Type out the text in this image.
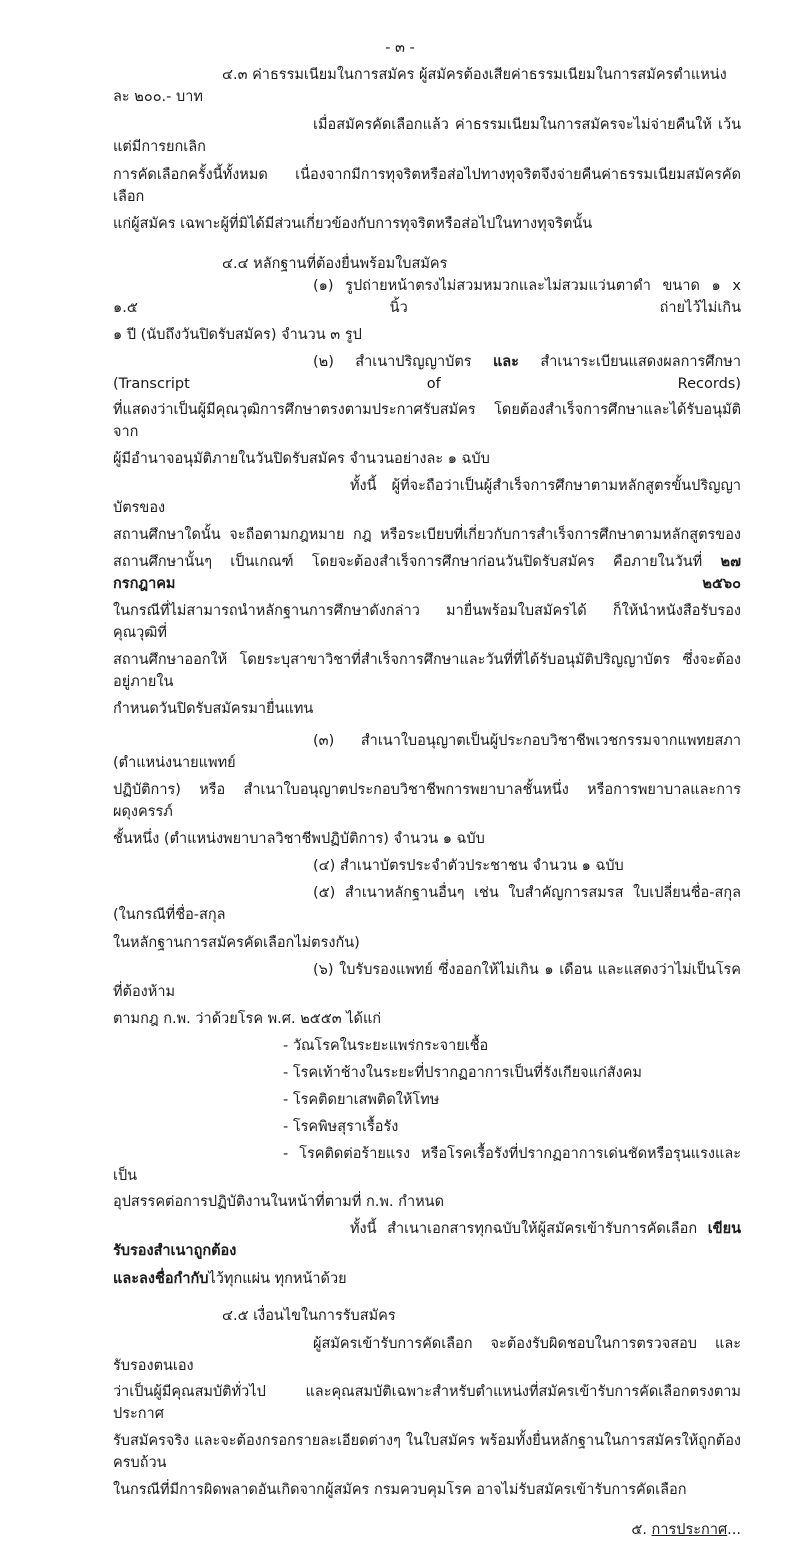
- ๓ -
๔.๓ ค่าธรรมเนียมในการสมัคร ผู้สมัครต้องเสียค่าธรรมเนียมในการสมัครตำแหน่งละ ๒๐๐.- บาท
เมื่อสมัครคัดเลือกแล้ว ค่าธรรมเนียมในการสมัครจะไม่จ่ายคืนให้ เว้นแต่มีการยกเลิก
การคัดเลือกครั้งนี้ทั้งหมด เนื่องจากมีการทุจริตหรือส่อไปทางทุจริตจึงจ่ายคืนค่าธรรมเนียมสมัครคัดเลือก
แก่ผู้สมัคร เฉพาะผู้ที่มิได้มีส่วนเกี่ยวข้องกับการทุจริตหรือส่อไปในทางทุจริตนั้น
๔.๔ หลักฐานที่ต้องยื่นพร้อมใบสมัคร
(๑) รูปถ่ายหน้าตรงไม่สวมหมวกและไม่สวมแว่นตาดำ ขนาด ๑ x ๑.๕ นิ้ว ถ่ายไว้ไม่เกิน
๑ ปี (นับถึงวันปิดรับสมัคร) จำนวน ๓ รูป
(๒) สำเนาปริญญาบัตร และ สำเนาระเบียนแสดงผลการศึกษา (Transcript of Records)
ที่แสดงว่าเป็นผู้มีคุณวุฒิการศึกษาตรงตามประกาศรับสมัคร โดยต้องสำเร็จการศึกษาและได้รับอนุมัติจาก
ผู้มีอำนาจอนุมัติภายในวันปิดรับสมัคร จำนวนอย่างละ ๑ ฉบับ
ทั้งนี้ ผู้ที่จะถือว่าเป็นผู้สำเร็จการศึกษาตามหลักสูตรขั้นปริญญาบัตรของ
สถานศึกษาใดนั้น จะถือตามกฎหมาย กฎ หรือระเบียบที่เกี่ยวกับการสำเร็จการศึกษาตามหลักสูตรของ
สถานศึกษานั้นๆ เป็นเกณฑ์ โดยจะต้องสำเร็จการศึกษาก่อนวันปิดรับสมัคร คือภายในวันที่ ๒๗ กรกฎาคม ๒๕๖๐
ในกรณีที่ไม่สามารถนำหลักฐานการศึกษาดังกล่าว มายื่นพร้อมใบสมัครได้ ก็ให้นำหนังสือรับรองคุณวุฒิที่
สถานศึกษาออกให้ โดยระบุสาขาวิชาที่สำเร็จการศึกษาและวันที่ที่ได้รับอนุมัติปริญญาบัตร ซึ่งจะต้องอยู่ภายใน
กำหนดวันปิดรับสมัครมายื่นแทน
(๓) สำเนาใบอนุญาตเป็นผู้ประกอบวิชาชีพเวชกรรมจากแพทยสภา (ตำแหน่งนายแพทย์
ปฏิบัติการ) หรือ สำเนาใบอนุญาตประกอบวิชาชีพการพยาบาลชั้นหนึ่ง หรือการพยาบาลและการผดุงครรภ์
ชั้นหนึ่ง (ตำแหน่งพยาบาลวิชาชีพปฏิบัติการ) จำนวน ๑ ฉบับ
(๔) สำเนาบัตรประจำตัวประชาชน จำนวน ๑ ฉบับ
(๕) สำเนาหลักฐานอื่นๆ เช่น ใบสำคัญการสมรส ใบเปลี่ยนชื่อ-สกุล (ในกรณีที่ชื่อ-สกุล
ในหลักฐานการสมัครคัดเลือกไม่ตรงกัน)
(๖) ใบรับรองแพทย์ ซึ่งออกให้ไม่เกิน ๑ เดือน และแสดงว่าไม่เป็นโรคที่ต้องห้าม
ตามกฎ ก.พ. ว่าด้วยโรค พ.ศ. ๒๕๕๓ ได้แก่
- วัณโรคในระยะแพร่กระจายเชื้อ
- โรคเท้าช้างในระยะที่ปรากฏอาการเป็นที่รังเกียจแก่สังคม
- โรคติดยาเสพติดให้โทษ
- โรคพิษสุราเรื้อรัง
- โรคติดต่อร้ายแรง หรือโรคเรื้อรังที่ปรากฏอาการเด่นชัดหรือรุนแรงและเป็น
อุปสรรคต่อการปฏิบัติงานในหน้าที่ตามที่ ก.พ. กำหนด
ทั้งนี้ สำเนาเอกสารทุกฉบับให้ผู้สมัครเข้ารับการคัดเลือก เขียนรับรองสำเนาถูกต้อง
และลงชื่อกำกับไว้ทุกแผ่น ทุกหน้าด้วย
๔.๕ เงื่อนไขในการรับสมัคร
ผู้สมัครเข้ารับการคัดเลือก จะต้องรับผิดชอบในการตรวจสอบ และรับรองตนเอง
ว่าเป็นผู้มีคุณสมบัติทั่วไป และคุณสมบัติเฉพาะสำหรับตำแหน่งที่สมัครเข้ารับการคัดเลือกตรงตามประกาศ
รับสมัครจริง และจะต้องกรอกรายละเอียดต่างๆ ในใบสมัคร พร้อมทั้งยื่นหลักฐานในการสมัครให้ถูกต้องครบถ้วน
ในกรณีที่มีการผิดพลาดอันเกิดจากผู้สมัคร กรมควบคุมโรค อาจไม่รับสมัครเข้ารับการคัดเลือก
๕. การประกาศ...
